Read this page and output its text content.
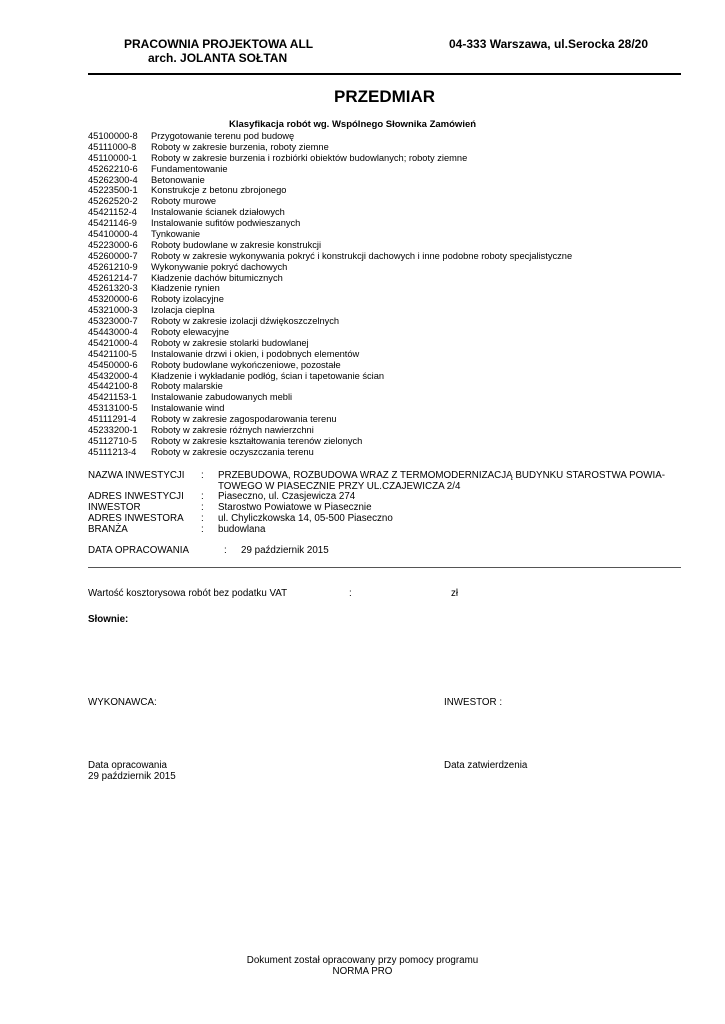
PRACOWNIA PROJEKTOWA ALL
arch. JOLANTA SOŁTAN
04-333 Warszawa, ul.Serocka 28/20
PRZEDMIAR
Klasyfikacja robót wg. Wspólnego Słownika Zamówień
45100000-8 Przygotowanie terenu pod budowę
45111000-8 Roboty w zakresie burzenia, roboty ziemne
45110000-1 Roboty w zakresie burzenia i rozbiórki obiektów budowlanych; roboty ziemne
45262210-6 Fundamentowanie
45262300-4 Betonowanie
45223500-1 Konstrukcje z betonu zbrojonego
45262520-2 Roboty murowe
45421152-4 Instalowanie ścianek działowych
45421146-9 Instalowanie sufitów podwieszanych
45410000-4 Tynkowanie
45223000-6 Roboty budowlane w zakresie konstrukcji
45260000-7 Roboty w zakresie wykonywania pokryć i konstrukcji dachowych i inne podobne roboty specjalistyczne
45261210-9 Wykonywanie pokryć dachowych
45261214-7 Kładzenie dachów bitumicznych
45261320-3 Kładzenie rynien
45320000-6 Roboty izolacyjne
45321000-3 Izolacja cieplna
45323000-7 Roboty w zakresie izolacji dźwiękoszczelnych
45443000-4 Roboty elewacyjne
45421000-4 Roboty w zakresie stolarki budowlanej
45421100-5 Instalowanie drzwi i okien, i podobnych elementów
45450000-6 Roboty budowlane wykończeniowe, pozostałe
45432000-4 Kładzenie i wykładanie podłóg, ścian i tapetowanie ścian
45442100-8 Roboty malarskie
45421153-1 Instalowanie zabudowanych mebli
45313100-5 Instalowanie wind
45111291-4 Roboty w zakresie zagospodarowania terenu
45233200-1 Roboty w zakresie różnych nawierzchni
45112710-5 Roboty w zakresie kształtowania terenów zielonych
45111213-4 Roboty w zakresie oczyszczania terenu
NAZWA INWESTYCJI : PRZEBUDOWA, ROZBUDOWA WRAZ Z TERMOMODERNIZACJĄ BUDYNKU STAROSTWA POWIA-
TOWEGO W PIASECZNIE PRZY UL.CZAJEWICZA 2/4
ADRES INWESTYCJI : Piaseczno, ul. Czasjewicza 274
INWESTOR	: Starostwo Powiatowe w Piasecznie
ADRES INWESTORA : ul. Chyliczkowska 14, 05-500 Piaseczno
BRANŻA	: budowlana
DATA OPRACOWANIA	: 29 październik 2015
Wartość kosztorysowa robót bez podatku VAT	:	zł
Słownie:
WYKONAWCA:	INWESTOR :
Data opracowania
29 październik 2015
Data zatwierdzenia
Dokument został opracowany przy pomocy programu
NORMA PRO
